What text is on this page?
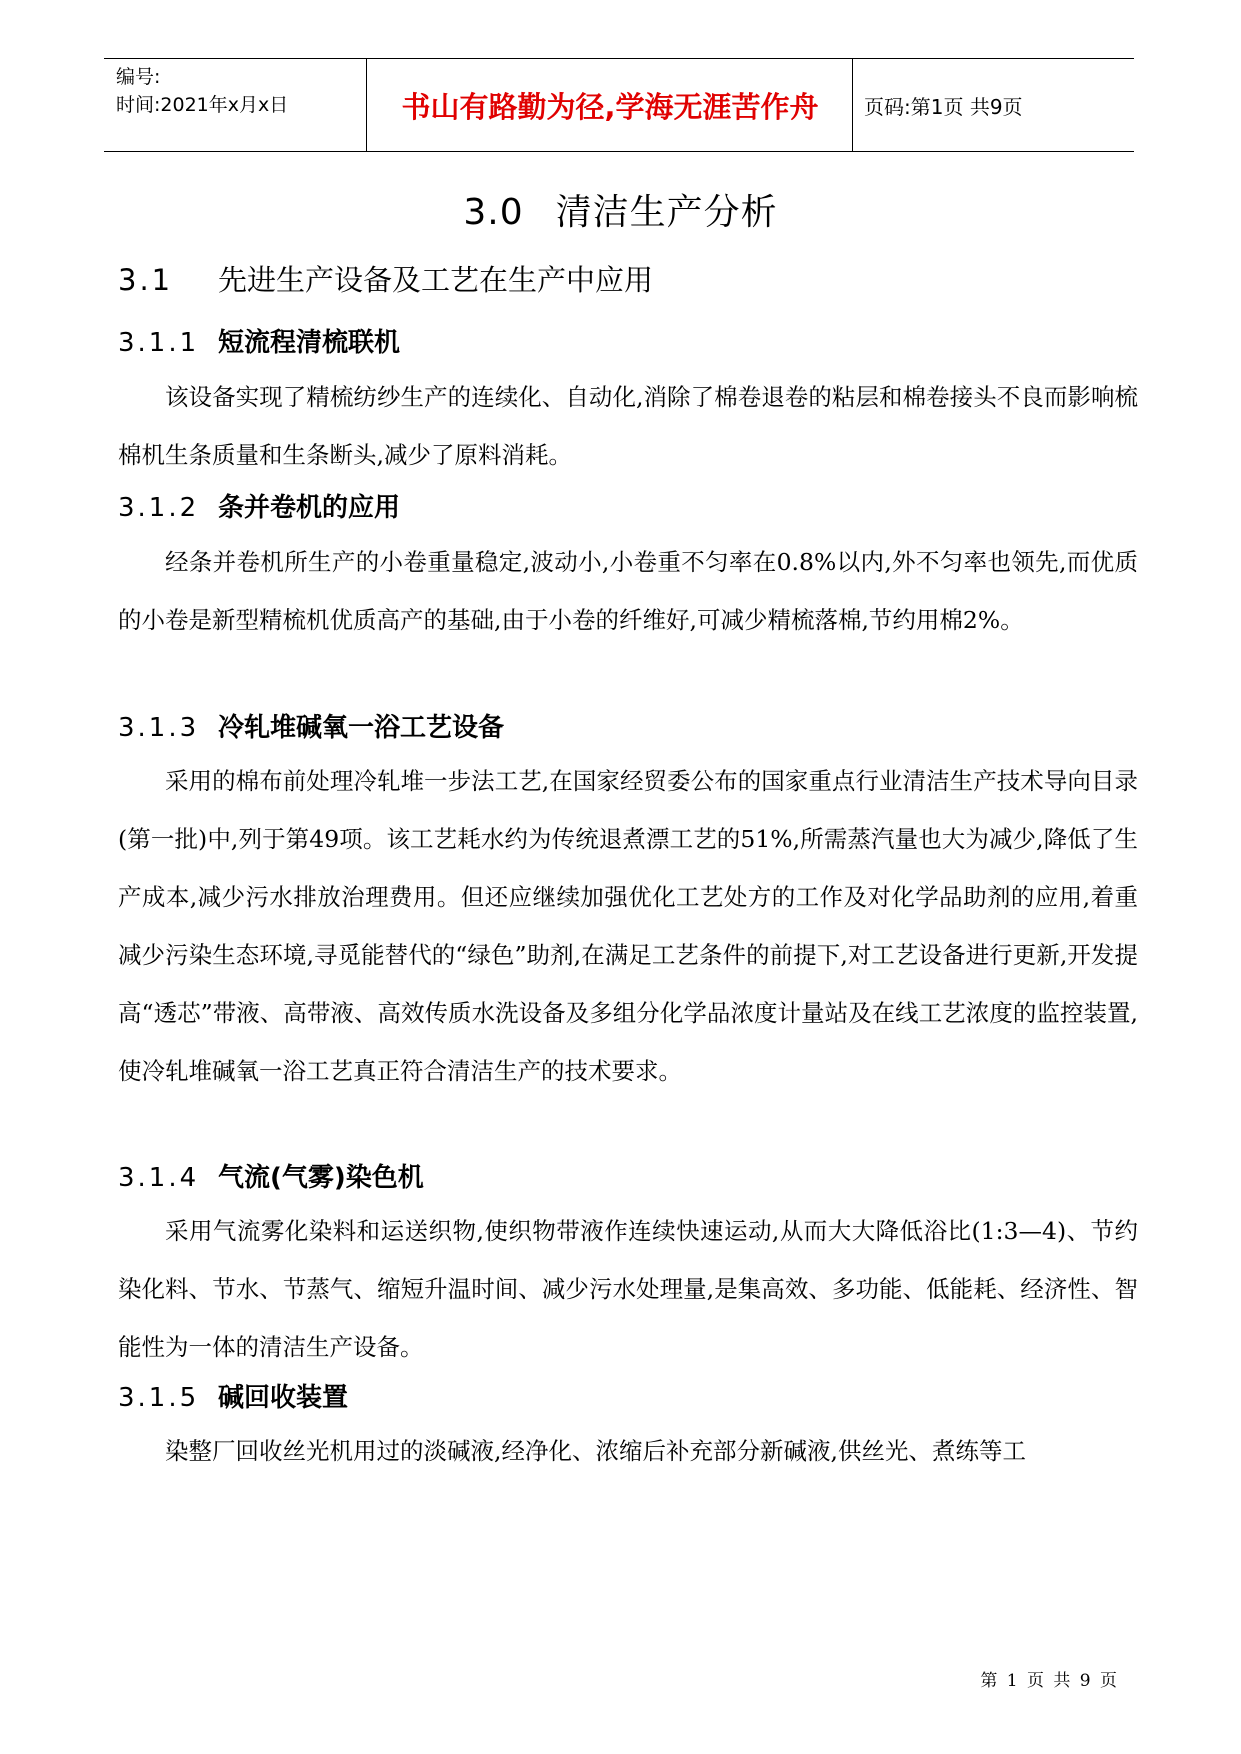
编号:
时间:2021年x月x日	书山有路勤为径,学海无涯苦作舟	页码:第1页 共9页
3.0 清洁生产分析
3.1 先进生产设备及工艺在生产中应用
3.1.1 短流程清梳联机
该设备实现了精梳纺纱生产的连续化、自动化,消除了棉卷退卷的粘层和棉卷接头不良而影响梳棉机生条质量和生条断头,减少了原料消耗。
3.1.2 条并卷机的应用
经条并卷机所生产的小卷重量稳定,波动小,小卷重不匀率在0.8%以内,外不匀率也领先,而优质的小卷是新型精梳机优质高产的基础,由于小卷的纤维好,可减少精梳落棉,节约用棉2%。
3.1.3 冷轧堆碱氧一浴工艺设备
采用的棉布前处理冷轧堆一步法工艺,在国家经贸委公布的国家重点行业清洁生产技术导向目录(第一批)中,列于第49项。该工艺耗水约为传统退煮漂工艺的51%,所需蒸汽量也大为减少,降低了生产成本,减少污水排放治理费用。但还应继续加强优化工艺处方的工作及对化学品助剂的应用,着重减少污染生态环境,寻觅能替代的“绿色”助剂,在满足工艺条件的前提下,对工艺设备进行更新,开发提高“透芯”带液、高带液、高效传质水洗设备及多组分化学品浓度计量站及在线工艺浓度的监控装置,使冷轧堆碱氧一浴工艺真正符合清洁生产的技术要求。
3.1.4 气流(气雾)染色机
采用气流雾化染料和运送织物,使织物带液作连续快速运动,从而大大降低浴比(1:3—4)、节约染化料、节水、节蒸气、缩短升温时间、减少污水处理量,是集高效、多功能、低能耗、经济性、智能性为一体的清洁生产设备。
3.1.5 碱回收装置
染整厂回收丝光机用过的淡碱液,经净化、浓缩后补充部分新碱液,供丝光、煮练等工
第 1 页 共 9 页
